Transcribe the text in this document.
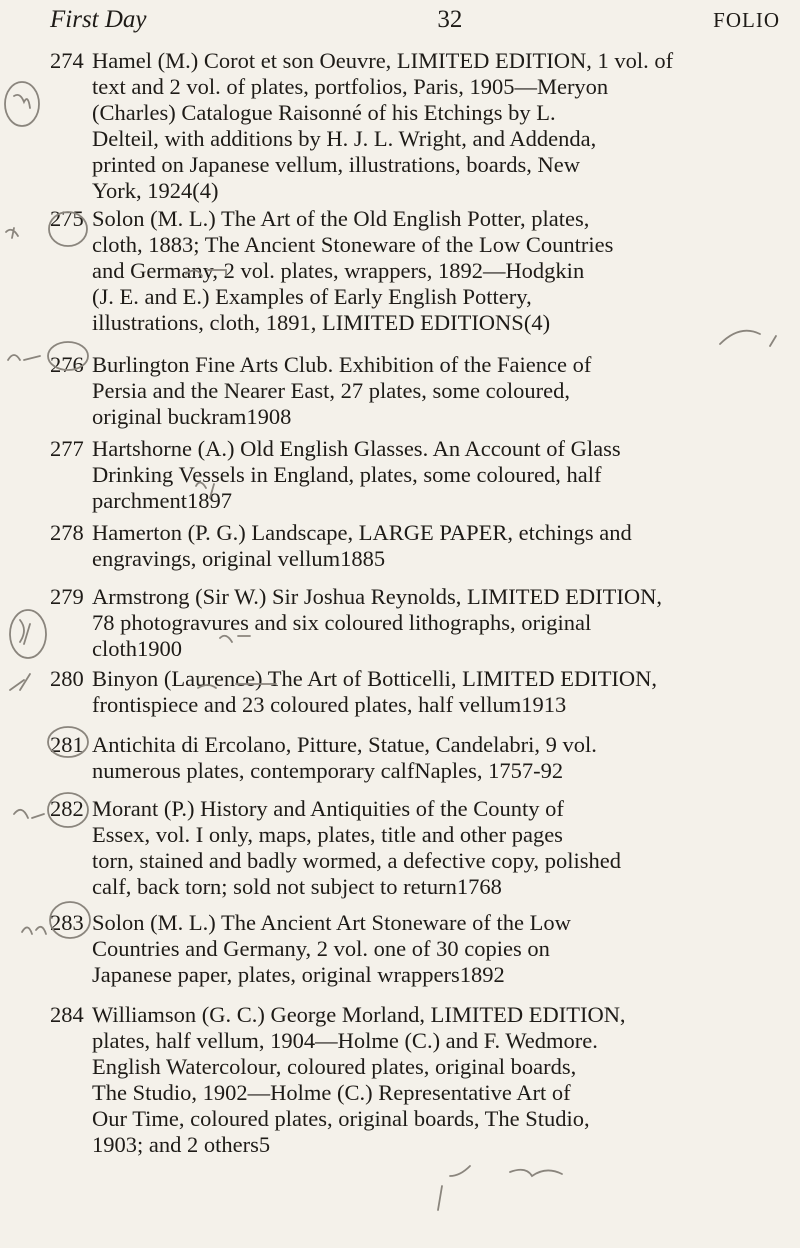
First Day	32	FOLIO
274 Hamel (M.) Corot et son Oeuvre, LIMITED EDITION, 1 vol. of
text and 2 vol. of plates, portfolios, Paris, 1905—Meryon
(Charles) Catalogue Raisonné of his Etchings by L.
Delteil, with additions by H. J. L. Wright, and Addenda,
printed on Japanese vellum, illustrations, boards, New
York, 1924(4)
275 Solon (M. L.) The Art of the Old English Potter, plates,
cloth, 1883; The Ancient Stoneware of the Low Countries
and Germany, 2 vol. plates, wrappers, 1892—Hodgkin
(J. E. and E.) Examples of Early English Pottery,
illustrations, cloth, 1891, LIMITED EDITIONS(4)
276 Burlington Fine Arts Club. Exhibition of the Faience of
Persia and the Nearer East, 27 plates, some coloured,
original buckram1908
277 Hartshorne (A.) Old English Glasses. An Account of Glass
Drinking Vessels in England, plates, some coloured, half
parchment1897
278 Hamerton (P. G.) Landscape, LARGE PAPER, etchings and
engravings, original vellum1885
279 Armstrong (Sir W.) Sir Joshua Reynolds, LIMITED EDITION,
78 photogravures and six coloured lithographs, original
cloth1900
280 Binyon (Laurence) The Art of Botticelli, LIMITED EDITION,
frontispiece and 23 coloured plates, half vellum1913
281 Antichita di Ercolano, Pitture, Statue, Candelabri, 9 vol.
numerous plates, contemporary calfNaples, 1757-92
282 Morant (P.) History and Antiquities of the County of
Essex, vol. I only, maps, plates, title and other pages
torn, stained and badly wormed, a defective copy, polished
calf, back torn; sold not subject to return1768
283 Solon (M. L.) The Ancient Art Stoneware of the Low
Countries and Germany, 2 vol. one of 30 copies on
Japanese paper, plates, original wrappers1892
284 Williamson (G. C.) George Morland, LIMITED EDITION,
plates, half vellum, 1904—Holme (C.) and F. Wedmore.
English Watercolour, coloured plates, original boards,
The Studio, 1902—Holme (C.) Representative Art of
Our Time, coloured plates, original boards, The Studio,
1903; and 2 others5
